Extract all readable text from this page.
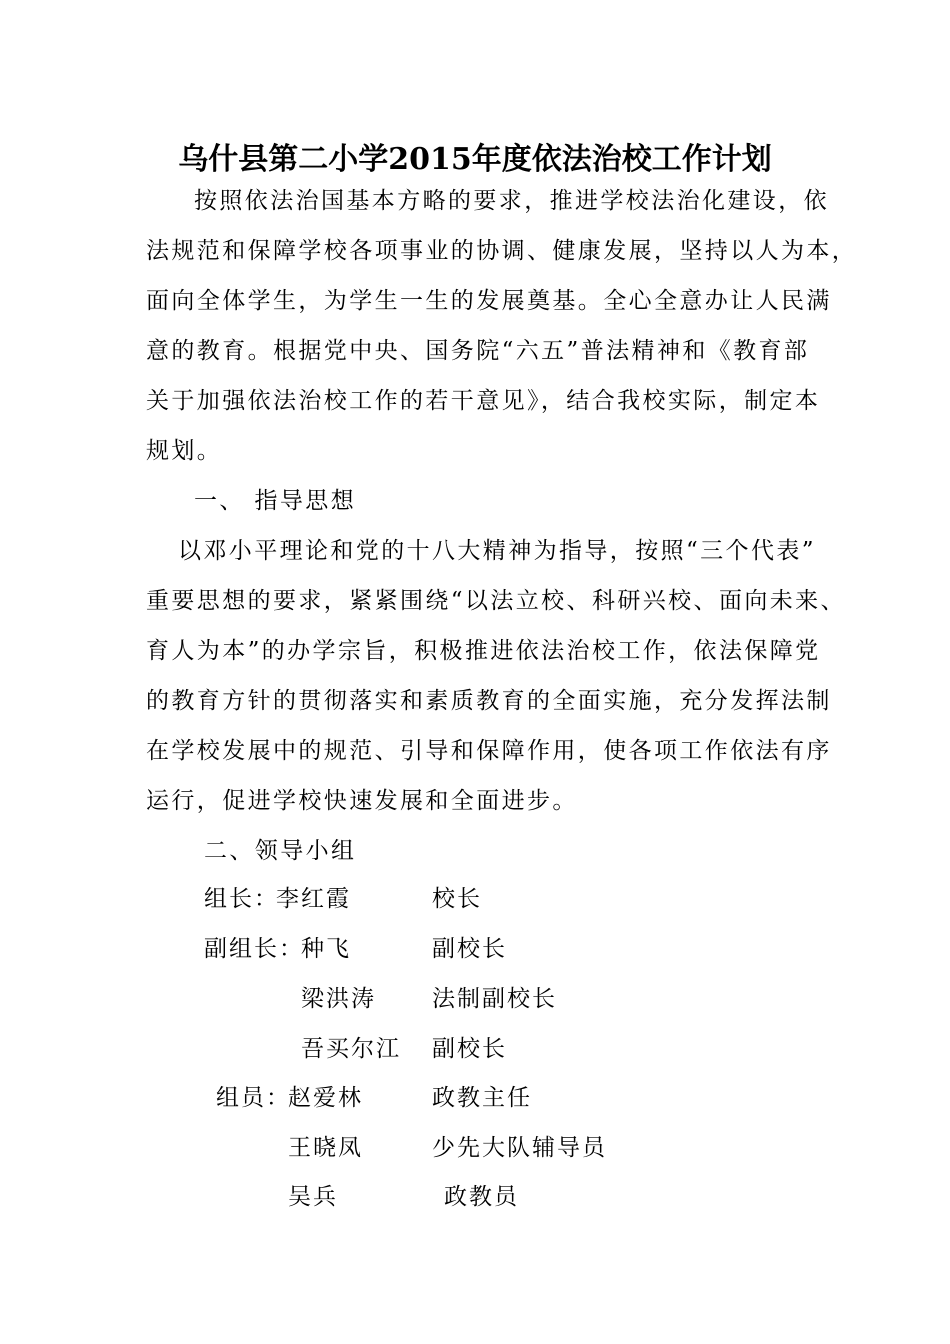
乌什县第二小学2015年度依法治校工作计划
按照依法治国基本方略的要求，推进学校法治化建设，依
法规范和保障学校各项事业的协调、健康发展，坚持以人为本，
面向全体学生，为学生一生的发展奠基。全心全意办让人民满
意的教育。根据党中央、国务院“六五”普法精神和《教育部
关于加强依法治校工作的若干意见》，结合我校实际，制定本
规划。
一、 指导思想
以邓小平理论和党的十八大精神为指导，按照“三个代表”
重要思想的要求，紧紧围绕“以法立校、科研兴校、面向未来、
育人为本”的办学宗旨，积极推进依法治校工作，依法保障党
的教育方针的贯彻落实和素质教育的全面实施，充分发挥法制
在学校发展中的规范、引导和保障作用，使各项工作依法有序
运行，促进学校快速发展和全面进步。
二、领导小组
组长：
李红霞	校长
副组长：
种飞	副校长
梁洪涛 法制副校长
吾买尔江 副校长
组员：
赵爱林	政教主任
王晓凤	少先大队辅导员
吴兵	政教员
